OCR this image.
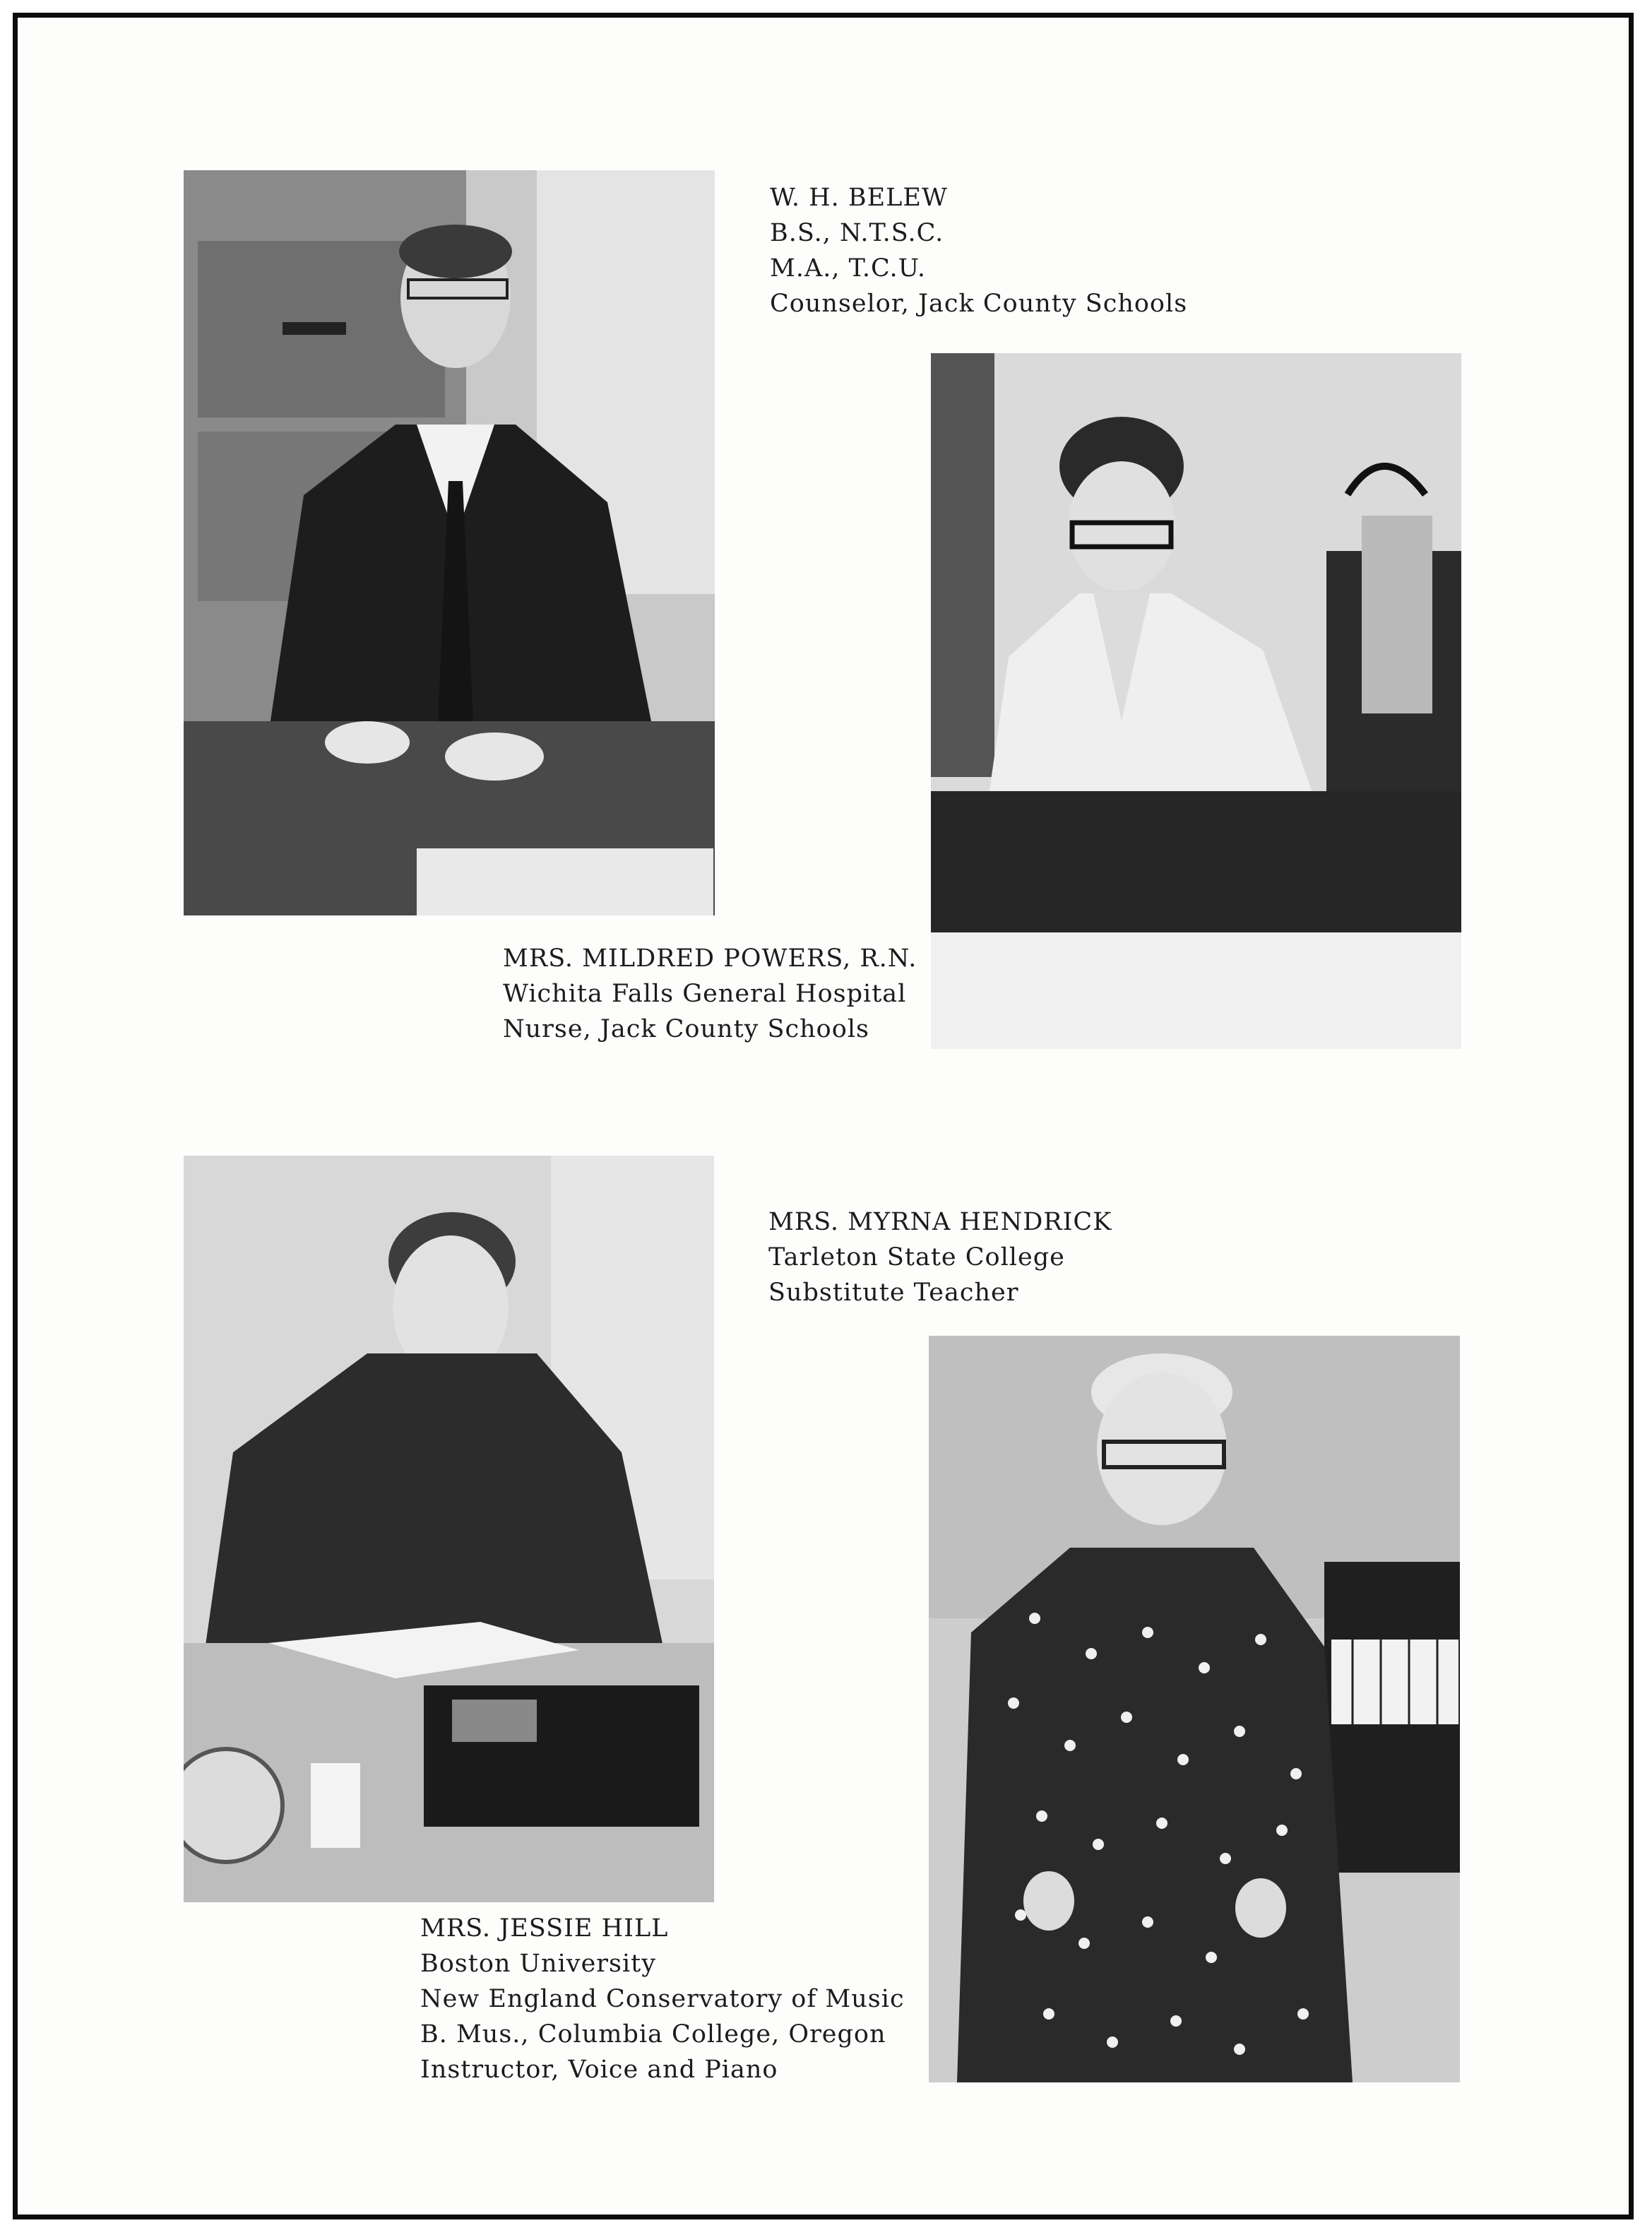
W. H. BELEW
B.S., N.T.S.C.
M.A., T.C.U.
Counselor, Jack County Schools
MRS. MILDRED POWERS, R.N.
Wichita Falls General Hospital
Nurse, Jack County Schools
MRS. MYRNA HENDRICK
Tarleton State College
Substitute Teacher
MRS. JESSIE HILL
Boston University
New England Conservatory of Music
B. Mus., Columbia College, Oregon
Instructor, Voice and Piano
